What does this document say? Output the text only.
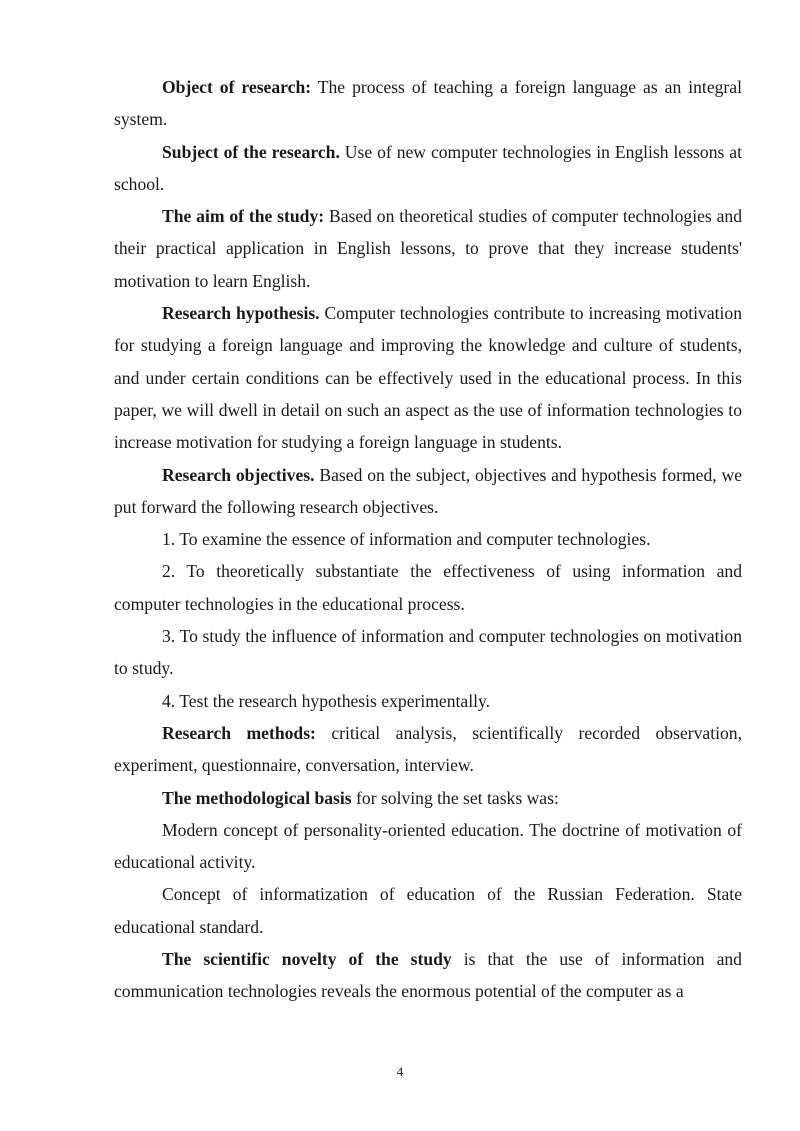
Object of research: The process of teaching a foreign language as an integral system.

Subject of the research. Use of new computer technologies in English lessons at school.

The aim of the study: Based on theoretical studies of computer technologies and their practical application in English lessons, to prove that they increase students' motivation to learn English.

Research hypothesis. Computer technologies contribute to increasing motivation for studying a foreign language and improving the knowledge and culture of students, and under certain conditions can be effectively used in the educational process. In this paper, we will dwell in detail on such an aspect as the use of information technologies to increase motivation for studying a foreign language in students.

Research objectives. Based on the subject, objectives and hypothesis formed, we put forward the following research objectives.

1. To examine the essence of information and computer technologies.

2. To theoretically substantiate the effectiveness of using information and computer technologies in the educational process.

3. To study the influence of information and computer technologies on motivation to study.

4. Test the research hypothesis experimentally.

Research methods: critical analysis, scientifically recorded observation, experiment, questionnaire, conversation, interview.

The methodological basis for solving the set tasks was:

Modern concept of personality-oriented education. The doctrine of motivation of educational activity.

Concept of informatization of education of the Russian Federation. State educational standard.

The scientific novelty of the study is that the use of information and communication technologies reveals the enormous potential of the computer as a

4
